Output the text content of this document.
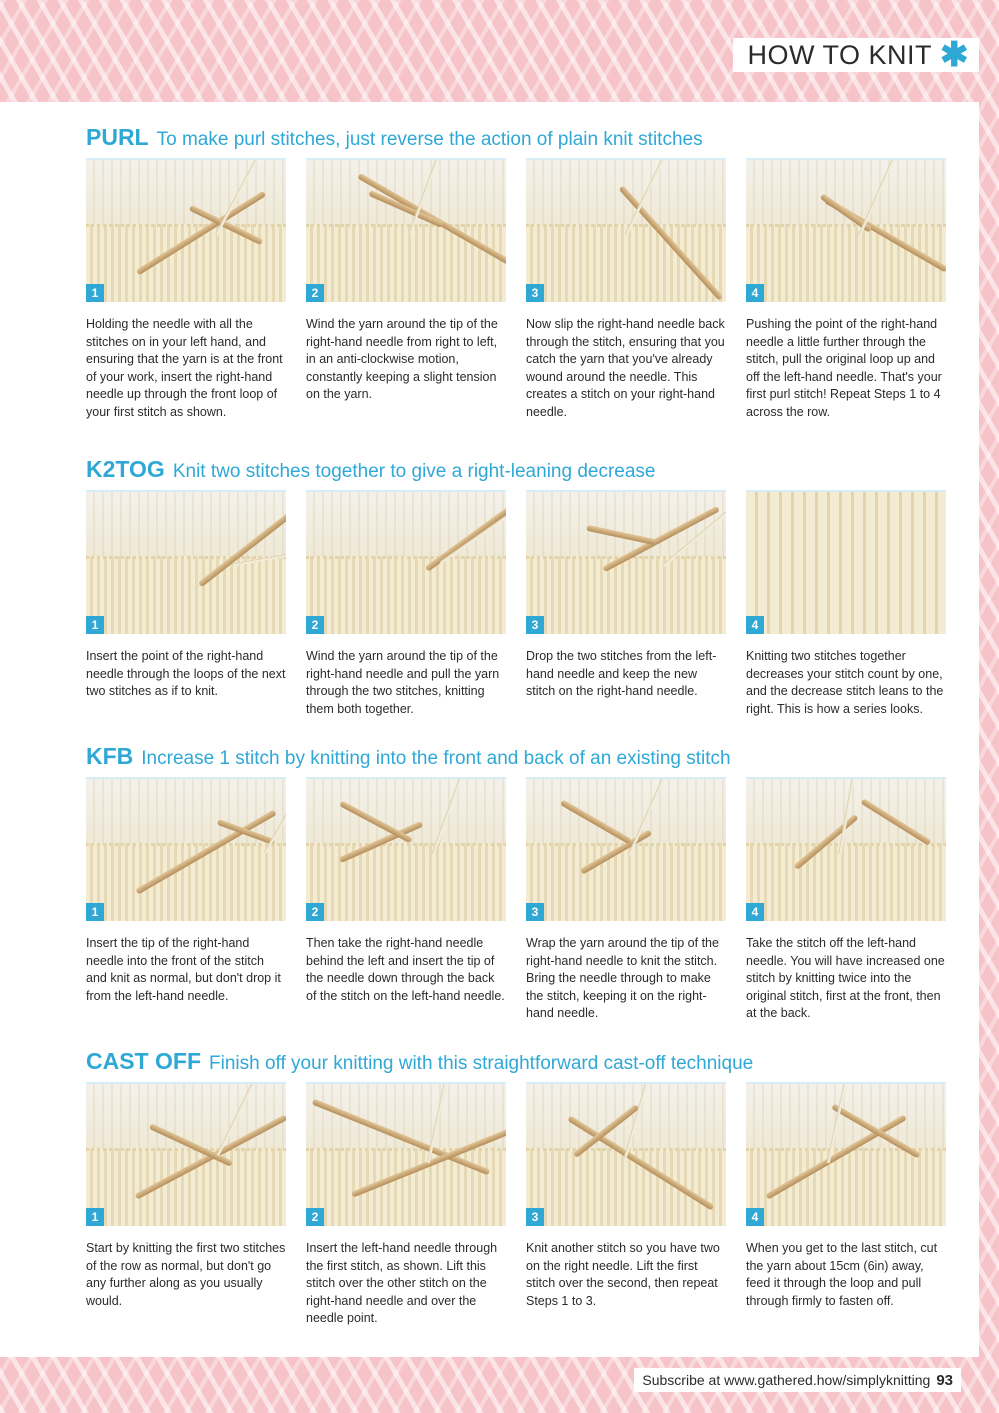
HOW TO KNIT ✱
PURL To make purl stitches, just reverse the action of plain knit stitches
1

Holding the needle with all the stitches on in your left hand, and ensuring that the yarn is at the front of your work, insert the right-hand needle up through the front loop of your first stitch as shown.

2

Wind the yarn around the tip of the right-hand needle from right to left, in an anti-clockwise motion, constantly keeping a slight tension on the yarn.

3

Now slip the right-hand needle back through the stitch, ensuring that you catch the yarn that you've already wound around the needle. This creates a stitch on your right-hand needle.

4

Pushing the point of the right-hand needle a little further through the stitch, pull the original loop up and off the left-hand needle. That's your first purl stitch! Repeat Steps 1 to 4 across the row.

K2TOG Knit two stitches together to give a right-leaning decrease
1

Insert the point of the right-hand needle through the loops of the next two stitches as if to knit.

2

Wind the yarn around the tip of the right-hand needle and pull the yarn through the two stitches, knitting them both together.

3

Drop the two stitches from the left-hand needle and keep the new stitch on the right-hand needle.

4

Knitting two stitches together decreases your stitch count by one, and the decrease stitch leans to the right. This is how a series looks.

KFB Increase 1 stitch by knitting into the front and back of an existing stitch
1

Insert the tip of the right-hand needle into the front of the stitch and knit as normal, but don't drop it from the left-hand needle.

2

Then take the right-hand needle behind the left and insert the tip of the needle down through the back of the stitch on the left-hand needle.

3

Wrap the yarn around the tip of the right-hand needle to knit the stitch. Bring the needle through to make the stitch, keeping it on the right-hand needle.

4

Take the stitch off the left-hand needle. You will have increased one stitch by knitting twice into the original stitch, first at the front, then at the back.

CAST OFF Finish off your knitting with this straightforward cast-off technique
1

Start by knitting the first two stitches of the row as normal, but don't go any further along as you usually would.

2

Insert the left-hand needle through the first stitch, as shown. Lift this stitch over the other stitch on the right-hand needle and over the needle point.

3

Knit another stitch so you have two on the right needle. Lift the first stitch over the second, then repeat Steps 1 to 3.

4

When you get to the last stitch, cut the yarn about 15cm (6in) away, feed it through the loop and pull through firmly to fasten off.

Subscribe at www.gathered.how/simplyknitting 93
